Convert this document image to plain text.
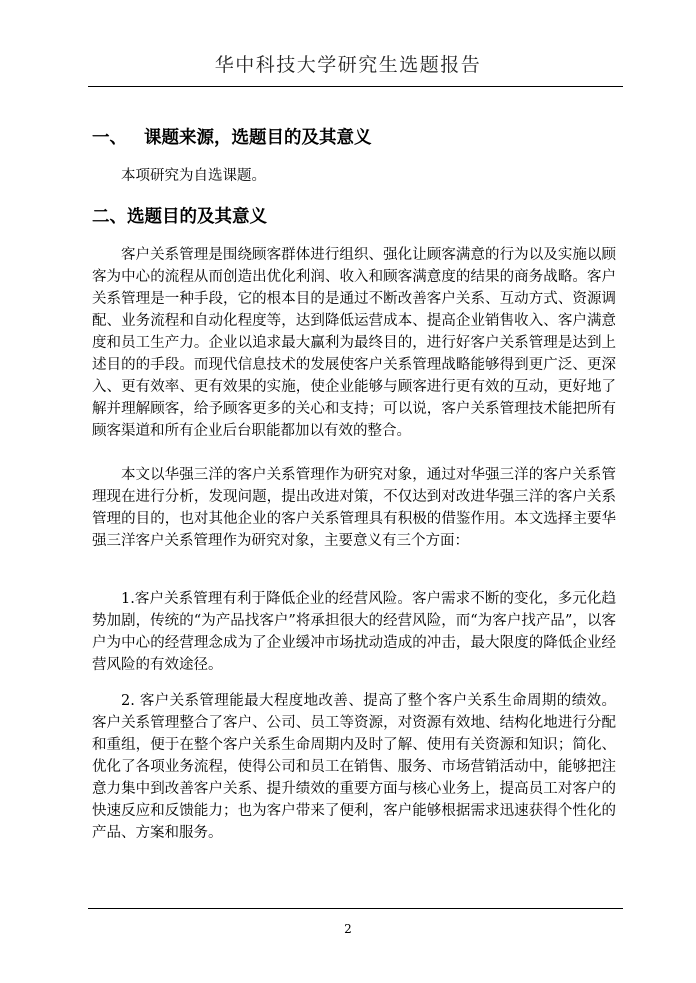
华中科技大学研究生选题报告
一、 课题来源，选题目的及其意义

本项研究为自选课题。

二、选题目的及其意义

客户关系管理是围绕顾客群体进行组织、强化让顾客满意的行为以及实施以顾客为中心的流程从而创造出优化利润、收入和顾客满意度的结果的商务战略。客户关系管理是一种手段，它的根本目的是通过不断改善客户关系、互动方式、资源调配、业务流程和自动化程度等，达到降低运营成本、提高企业销售收入、客户满意度和员工生产力。企业以追求最大赢利为最终目的，进行好客户关系管理是达到上述目的的手段。而现代信息技术的发展使客户关系管理战略能够得到更广泛、更深入、更有效率、更有效果的实施，使企业能够与顾客进行更有效的互动，更好地了解并理解顾客，给予顾客更多的关心和支持；可以说，客户关系管理技术能把所有顾客渠道和所有企业后台职能都加以有效的整合。

本文以华强三洋的客户关系管理作为研究对象，通过对华强三洋的客户关系管理现在进行分析，发现问题，提出改进对策，不仅达到对改进华强三洋的客户关系管理的目的，也对其他企业的客户关系管理具有积极的借鉴作用。本文选择主要华强三洋客户关系管理作为研究对象，主要意义有三个方面：

1.客户关系管理有利于降低企业的经营风险。客户需求不断的变化，多元化趋势加剧，传统的“为产品找客户”将承担很大的经营风险，而“为客户找产品”，以客户为中心的经营理念成为了企业缓冲市场扰动造成的冲击，最大限度的降低企业经营风险的有效途径。

2. 客户关系管理能最大程度地改善、提高了整个客户关系生命周期的绩效。客户关系管理整合了客户、公司、员工等资源，对资源有效地、结构化地进行分配和重组，便于在整个客户关系生命周期内及时了解、使用有关资源和知识；简化、优化了各项业务流程，使得公司和员工在销售、服务、市场营销活动中，能够把注意力集中到改善客户关系、提升绩效的重要方面与核心业务上，提高员工对客户的快速反应和反馈能力；也为客户带来了便利，客户能够根据需求迅速获得个性化的产品、方案和服务。

2
